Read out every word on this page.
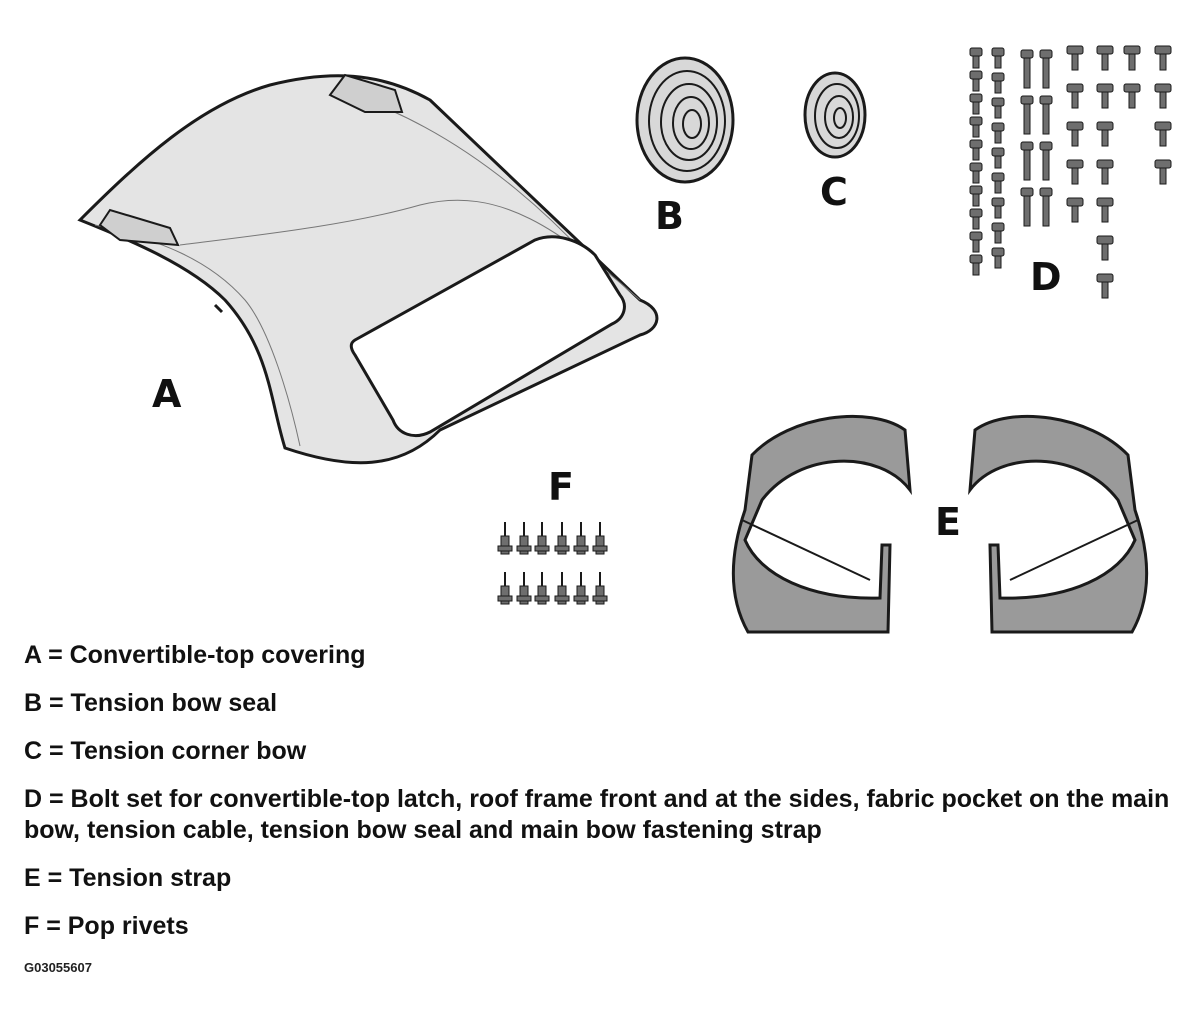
A
B
C
D
E
F
A = Convertible-top covering
B = Tension bow seal
C = Tension corner bow
D = Bolt set for convertible-top latch, roof frame front and at the sides, fabric pocket on the main bow, tension cable, tension bow seal and main bow fastening strap
E = Tension strap
F = Pop rivets
G03055607
